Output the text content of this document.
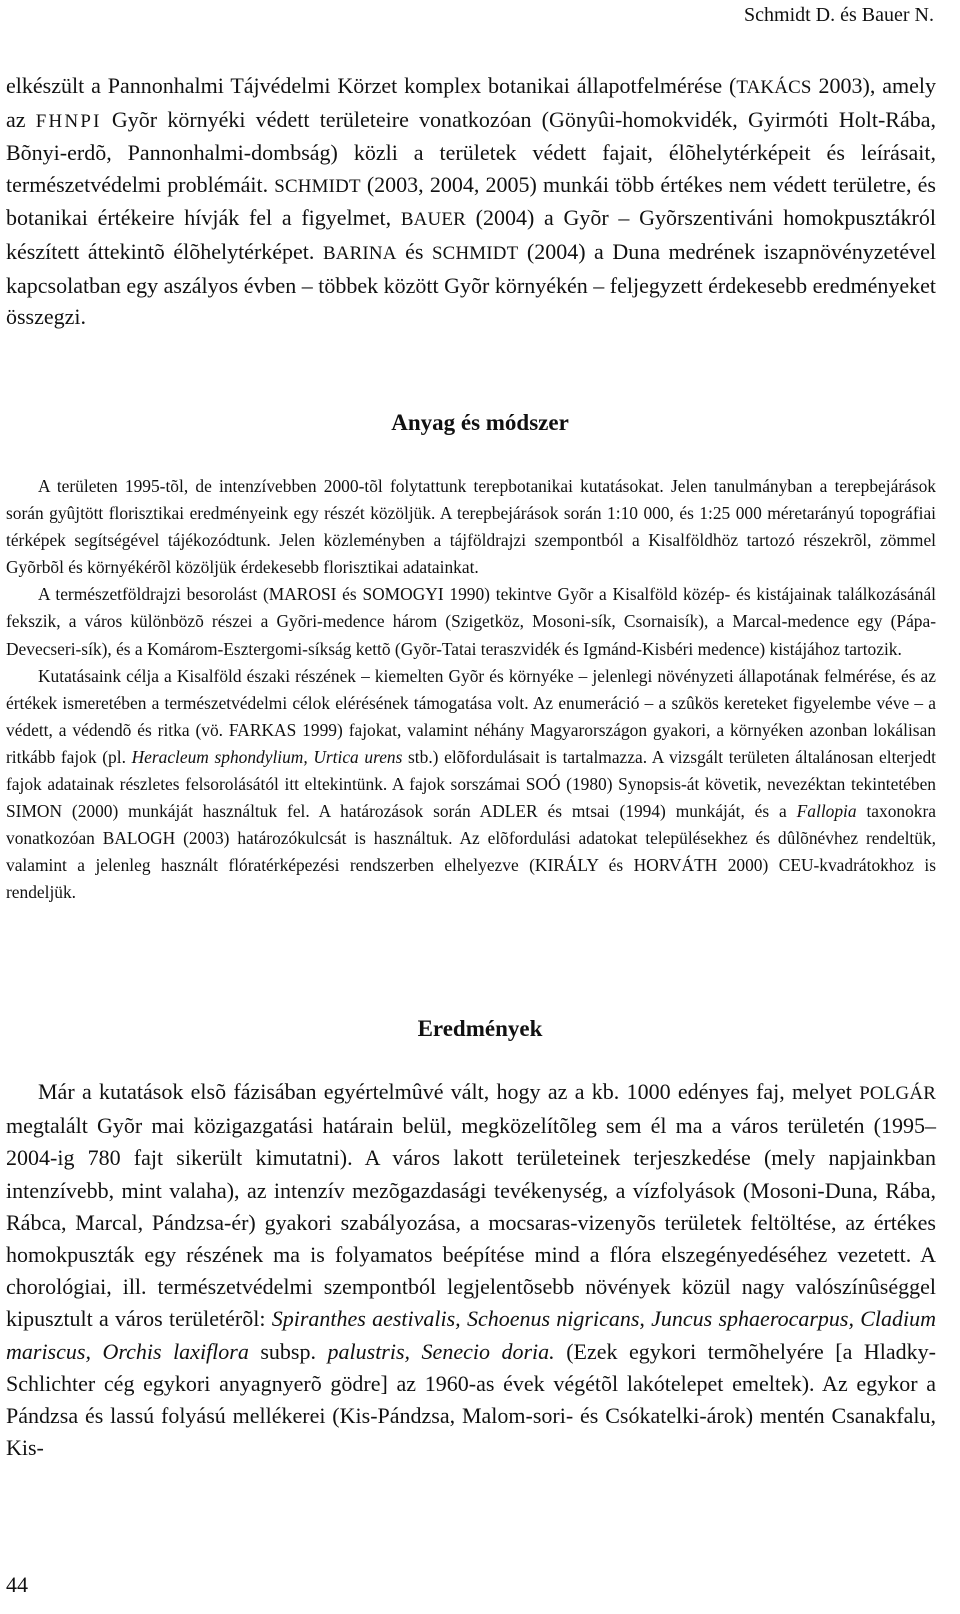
Schmidt D. és Bauer N.

elkészült a Pannonhalmi Tájvédelmi Körzet komplex botanikai állapotfelmérése (TAKÁCS 2003), amely az FHNPI Gyõr környéki védett területeire vonatkozóan (Gönyûi-homokvidék, Gyirmóti Holt-Rába, Bõnyi-erdõ, Pannonhalmi-dombság) közli a területek védett fajait, élõhelytérképeit és leírásait, természetvédelmi problémáit. SCHMIDT (2003, 2004, 2005) munkái több értékes nem védett területre, és botanikai értékeire hívják fel a figyelmet, BAUER (2004) a Gyõr – Gyõrszentiváni homokpusztákról készített áttekintõ élõhelytérképet. BARINA és SCHMIDT (2004) a Duna medrének iszapnövényzetével kapcsolatban egy aszályos évben – többek között Gyõr környékén – feljegyzett érdekesebb eredményeket összegzi.

Anyag és módszer

A területen 1995-tõl, de intenzívebben 2000-tõl folytattunk terepbotanikai kutatásokat. Jelen tanulmányban a terepbejárások során gyûjtött florisztikai eredményeink egy részét közöljük. A terepbejárások során 1:10 000, és 1:25 000 méretarányú topográfiai térképek segítségével tájékozódtunk. Jelen közleményben a tájföldrajzi szempontból a Kisalföldhöz tartozó részekrõl, zömmel Gyõrbõl és környékérõl közöljük érdekesebb florisztikai adatainkat.

A természetföldrajzi besorolást (MAROSI és SOMOGYI 1990) tekintve Gyõr a Kisalföld közép- és kistájainak találkozásánál fekszik, a város különbözõ részei a Gyõri-medence három (Szigetköz, Mosoni-sík, Csornaisík), a Marcal-medence egy (Pápa-Devecseri-sík), és a Komárom-Esztergomi-síkság kettõ (Gyõr-Tatai teraszvidék és Igmánd-Kisbéri medence) kistájához tartozik.

Kutatásaink célja a Kisalföld északi részének – kiemelten Gyõr és környéke – jelenlegi növényzeti állapotának felmérése, és az értékek ismeretében a természetvédelmi célok elérésének támogatása volt. Az enumeráció – a szûkös kereteket figyelembe véve – a védett, a védendõ és ritka (vö. FARKAS 1999) fajokat, valamint néhány Magyarországon gyakori, a környéken azonban lokálisan ritkább fajok (pl. Heracleum sphondylium, Urtica urens stb.) elõfordulásait is tartalmazza. A vizsgált területen általánosan elterjedt fajok adatainak részletes felsorolásától itt eltekintünk. A fajok sorszámai SOÓ (1980) Synopsis-át követik, nevezéktan tekintetében SIMON (2000) munkáját használtuk fel. A határozások során ADLER és mtsai (1994) munkáját, és a Fallopia taxonokra vonatkozóan BALOGH (2003) határozókulcsát is használtuk. Az elõfordulási adatokat településekhez és dûlõnévhez rendeltük, valamint a jelenleg használt flóratérképezési rendszerben elhelyezve (KIRÁLY és HORVÁTH 2000) CEU-kvadrátokhoz is rendeljük.

Eredmények

Már a kutatások elsõ fázisában egyértelmûvé vált, hogy az a kb. 1000 edényes faj, melyet POLGÁR megtalált Gyõr mai közigazgatási határain belül, megközelítõleg sem él ma a város területén (1995–2004-ig 780 fajt sikerült kimutatni). A város lakott területeinek terjeszkedése (mely napjainkban intenzívebb, mint valaha), az intenzív mezõgazdasági tevékenység, a vízfolyások (Mosoni-Duna, Rába, Rábca, Marcal, Pándzsa-ér) gyakori szabályozása, a mocsaras-vizenyõs területek feltöltése, az értékes homokpuszták egy részének ma is folyamatos beépítése mind a flóra elszegényedéséhez vezetett. A chorológiai, ill. természetvédelmi szempontból legjelentõsebb növények közül nagy valószínûséggel kipusztult a város területérõl: Spiranthes aestivalis, Schoenus nigricans, Juncus sphaerocarpus, Cladium mariscus, Orchis laxiflora subsp. palustris, Senecio doria. (Ezek egykori termõhelyére [a Hladky-Schlichter cég egykori anyagnyerõ gödre] az 1960-as évek végétõl lakótelepet emeltek). Az egykor a Pándzsa és lassú folyású mellékerei (Kis-Pándzsa, Malom-sori- és Csókatelki-árok) mentén Csanakfalu, Kis-

44
